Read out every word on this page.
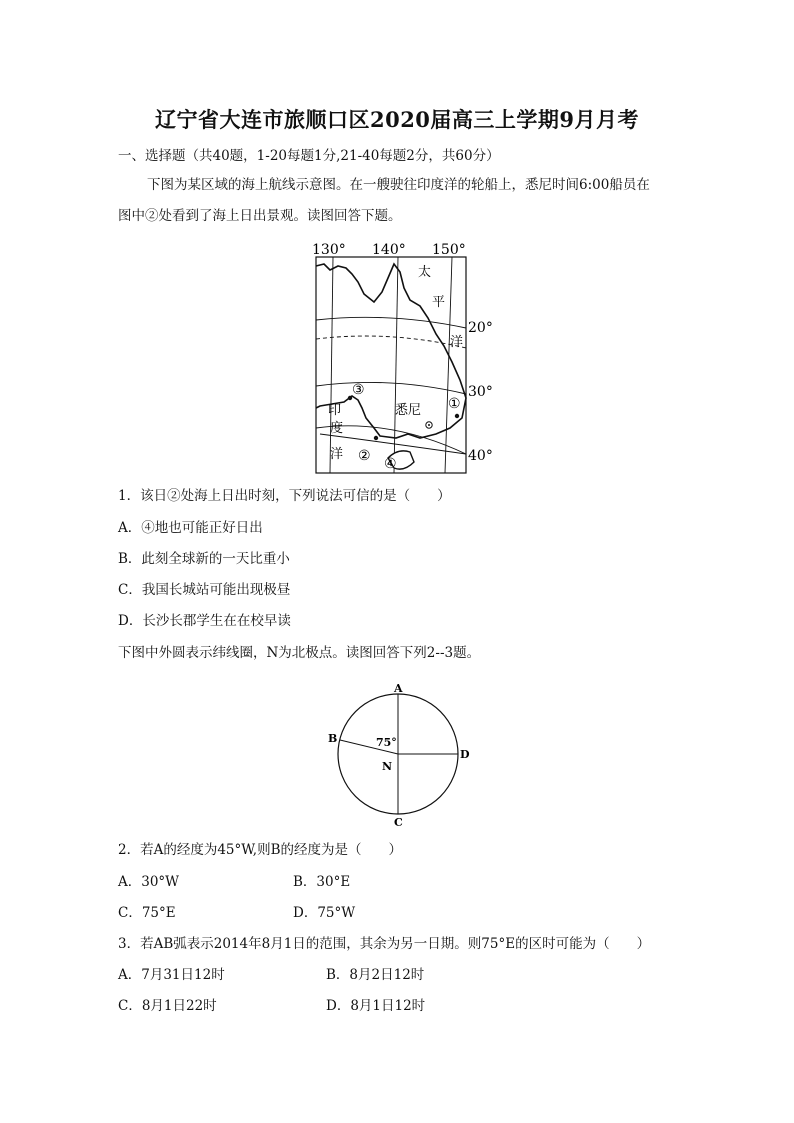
辽宁省大连市旅顺口区2020届高三上学期9月月考
一、选择题（共40题，1-20每题1分,21-40每题2分，共60分）
下图为某区域的海上航线示意图。在一艘驶往印度洋的轮船上，悉尼时间6:00船员在
图中②处看到了海上日出景观。读图回答下题。
130° 140° 150°
20°
30°
40°
太
平
洋
印
度
洋
悉尼 ①
②
③
④
1．该日②处海上日出时刻，下列说法可信的是（　　）
A．④地也可能正好日出
B．此刻全球新的一天比重小
C．我国长城站可能出现极昼
D．长沙长郡学生在在校早读
下图中外圆表示纬线圈，N为北极点。读图回答下列2--3题。
A
B
C
D
N
75°
2．若A的经度为45°W,则B的经度为是（　　）
A．30°W	B．30°E
C．75°E	D．75°W
3．若AB弧表示2014年8月1日的范围，其余为另一日期。则75°E的区时可能为（　　）
A．7月31日12时	B．8月2日12时
C．8月1日22时	D．8月1日12时
